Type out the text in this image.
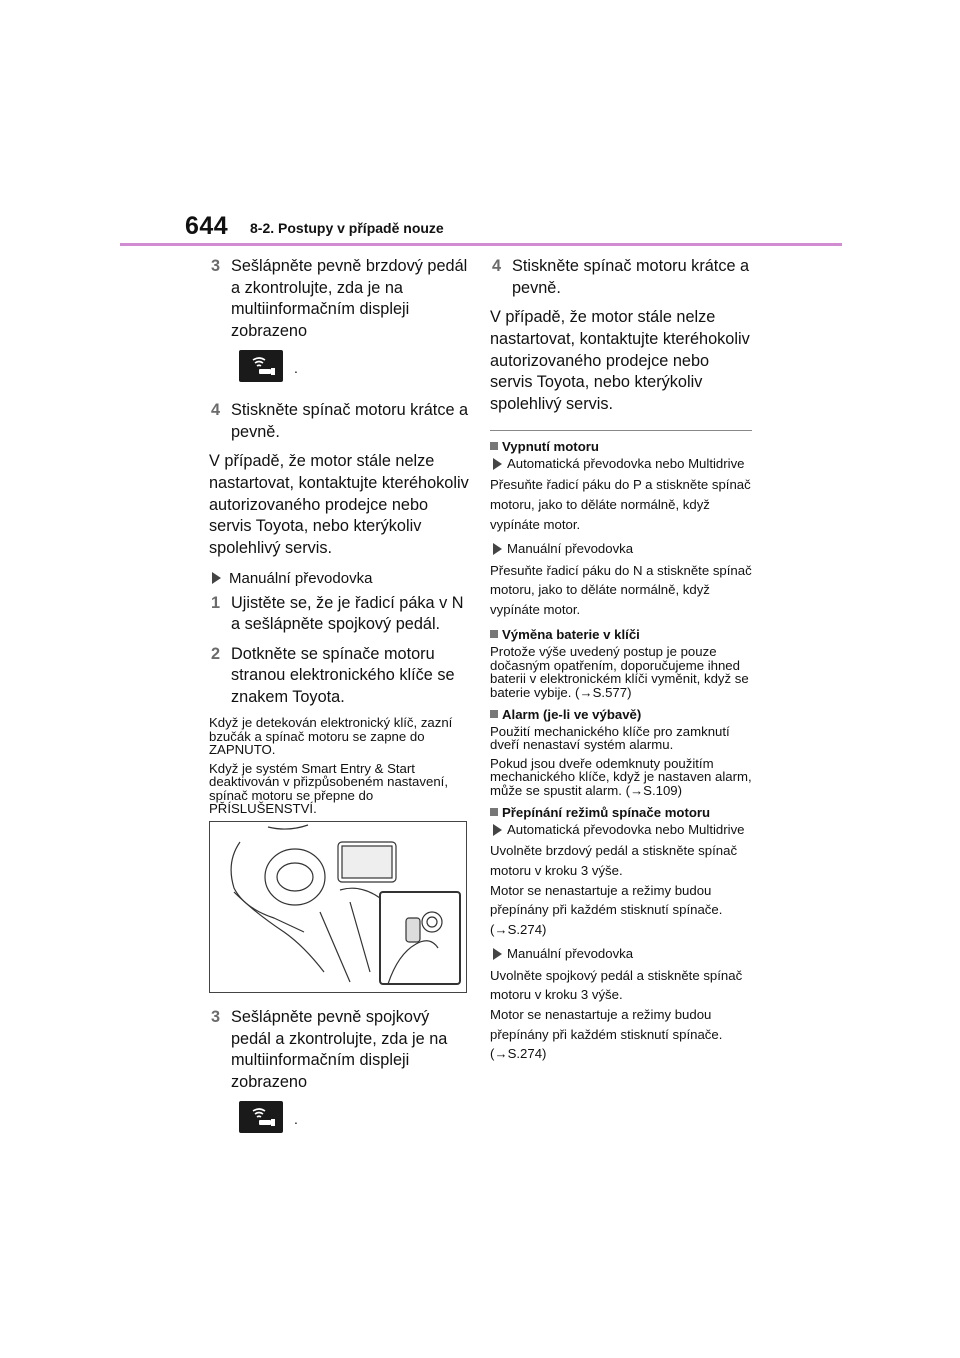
644 8-2. Postupy v případě nouze
3 Sešlápněte pevně brzdový pedál a zkontrolujte, zda je na multiinformačním displeji zobrazeno
.
4 Stiskněte spínač motoru krátce a pevně.
V případě, že motor stále nelze nastartovat, kontaktujte kteréhokoliv autorizovaného prodejce nebo servis Toyota, nebo kterýkoliv spolehlivý servis.
Manuální převodovka
1 Ujistěte se, že je řadicí páka v N a sešlápněte spojkový pedál.
2 Dotkněte se spínače motoru stranou elektronického klíče se znakem Toyota.
Když je detekován elektronický klíč, zazní bzučák a spínač motoru se zapne do ZAPNUTO.
Když je systém Smart Entry & Start deaktivován v přizpůsobeném nastavení, spínač motoru se přepne do PŘÍSLUŠENSTVÍ.
3 Sešlápněte pevně spojkový pedál a zkontrolujte, zda je na multiinformačním displeji zobrazeno
.
4 Stiskněte spínač motoru krátce a pevně.
V případě, že motor stále nelze nastartovat, kontaktujte kteréhokoliv autorizovaného prodejce nebo servis Toyota, nebo kterýkoliv spolehlivý servis.
Vypnutí motoru
Automatická převodovka nebo Multidrive
Přesuňte řadicí páku do P a stiskněte spínač motoru, jako to děláte normálně, když vypínáte motor.
Manuální převodovka
Přesuňte řadicí páku do N a stiskněte spínač motoru, jako to děláte normálně, když vypínáte motor.
Výměna baterie v klíči
Protože výše uvedený postup je pouze dočasným opatřením, doporučujeme ihned baterii v elektronickém klíči vyměnit, když se baterie vybije. (→S.577)
Alarm (je-li ve výbavě)
Použití mechanického klíče pro zamknutí dveří nenastaví systém alarmu.
Pokud jsou dveře odemknuty použitím mechanického klíče, když je nastaven alarm, může se spustit alarm. (→S.109)
Přepínání režimů spínače motoru
Automatická převodovka nebo Multidrive
Uvolněte brzdový pedál a stiskněte spínač motoru v kroku 3 výše.
Motor se nenastartuje a režimy budou přepínány při každém stisknutí spínače. (→S.274)
Manuální převodovka
Uvolněte spojkový pedál a stiskněte spínač motoru v kroku 3 výše.
Motor se nenastartuje a režimy budou přepínány při každém stisknutí spínače. (→S.274)
